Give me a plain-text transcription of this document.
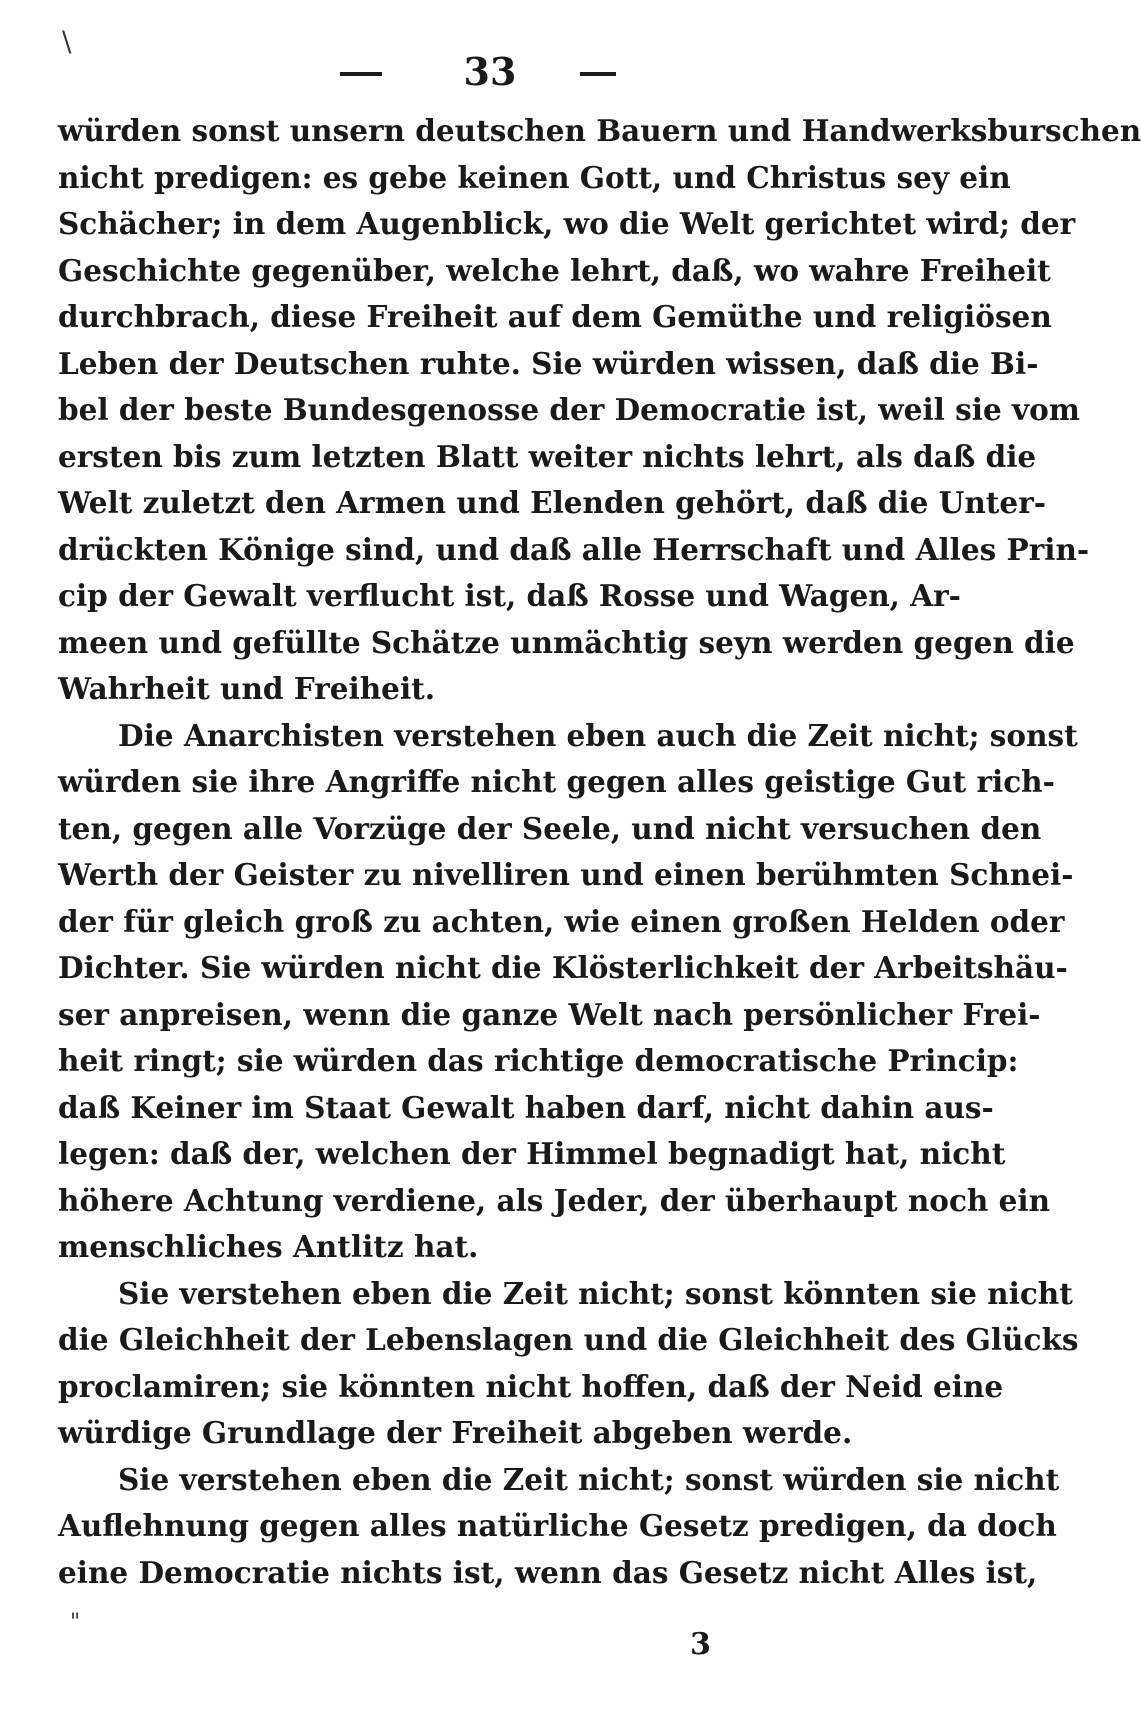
\
33
würden sonst unsern deutschen Bauern und Handwerksburschen
nicht predigen: es gebe keinen Gott, und Christus sey ein
Schächer; in dem Augenblick, wo die Welt gerichtet wird; der
Geschichte gegenüber, welche lehrt, daß, wo wahre Freiheit
durchbrach, diese Freiheit auf dem Gemüthe und religiösen
Leben der Deutschen ruhte. Sie würden wissen, daß die Bi-
bel der beste Bundesgenosse der Democratie ist, weil sie vom
ersten bis zum letzten Blatt weiter nichts lehrt, als daß die
Welt zuletzt den Armen und Elenden gehört, daß die Unter-
drückten Könige sind, und daß alle Herrschaft und Alles Prin-
cip der Gewalt verflucht ist, daß Rosse und Wagen, Ar-
meen und gefüllte Schätze unmächtig seyn werden gegen die
Wahrheit und Freiheit.
Die Anarchisten verstehen eben auch die Zeit nicht; sonst
würden sie ihre Angriffe nicht gegen alles geistige Gut rich-
ten, gegen alle Vorzüge der Seele, und nicht versuchen den
Werth der Geister zu nivelliren und einen berühmten Schnei-
der für gleich groß zu achten, wie einen großen Helden oder
Dichter. Sie würden nicht die Klösterlichkeit der Arbeitshäu-
ser anpreisen, wenn die ganze Welt nach persönlicher Frei-
heit ringt; sie würden das richtige democratische Princip:
daß Keiner im Staat Gewalt haben darf, nicht dahin aus-
legen: daß der, welchen der Himmel begnadigt hat, nicht
höhere Achtung verdiene, als Jeder, der überhaupt noch ein
menschliches Antlitz hat.
Sie verstehen eben die Zeit nicht; sonst könnten sie nicht
die Gleichheit der Lebenslagen und die Gleichheit des Glücks
proclamiren; sie könnten nicht hoffen, daß der Neid eine
würdige Grundlage der Freiheit abgeben werde.
Sie verstehen eben die Zeit nicht; sonst würden sie nicht
Auflehnung gegen alles natürliche Gesetz predigen, da doch
eine Democratie nichts ist, wenn das Gesetz nicht Alles ist,
"
3
